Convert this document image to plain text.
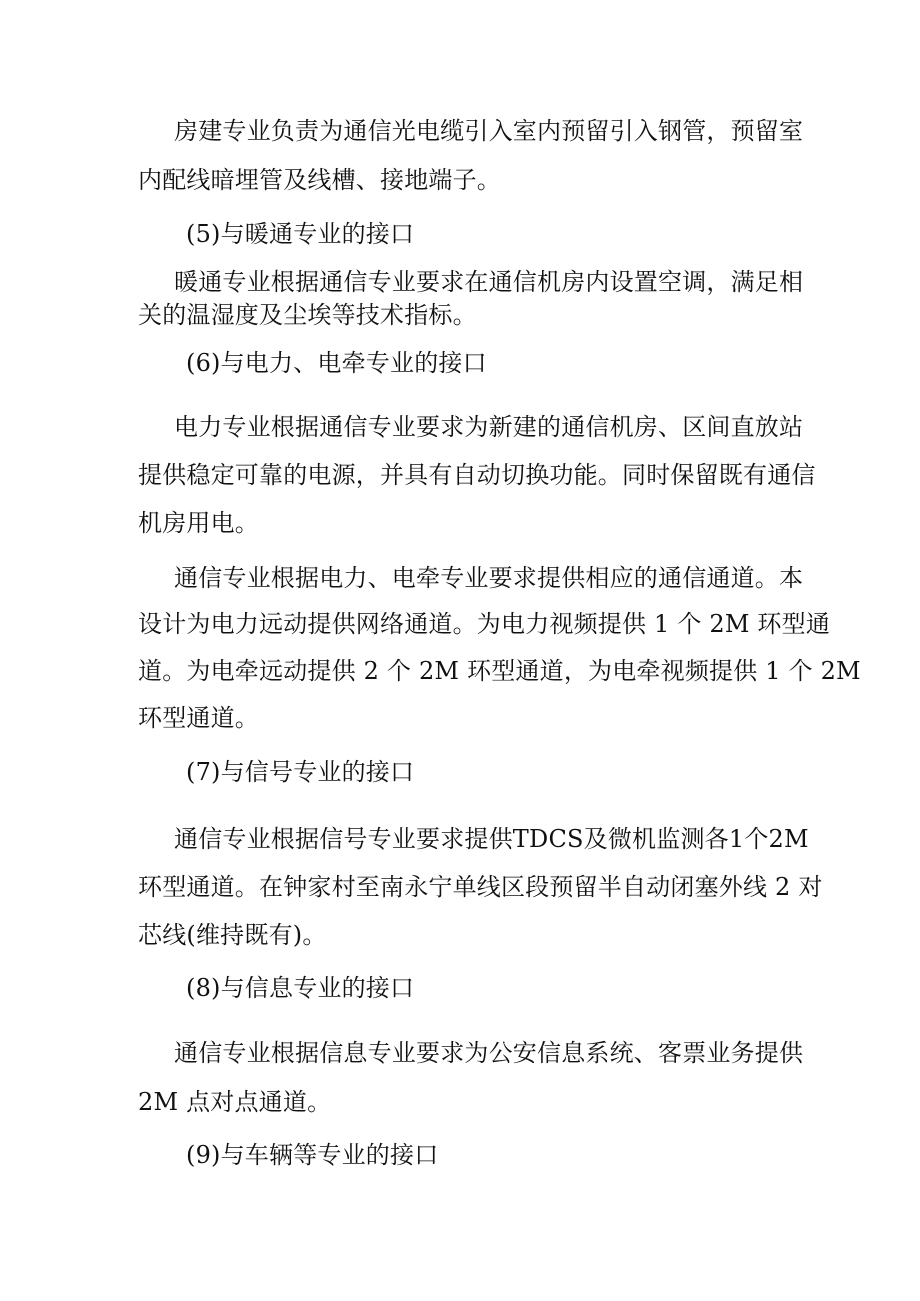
房建专业负责为通信光电缆引入室内预留引入钢管，预留室

内配线暗埋管及线槽、接地端子。

(5)与暖通专业的接口

暖通专业根据通信专业要求在通信机房内设置空调，满足相

关的温湿度及尘埃等技术指标。

(6)与电力、电牵专业的接口

电力专业根据通信专业要求为新建的通信机房、区间直放站

提供稳定可靠的电源，并具有自动切换功能。同时保留既有通信

机房用电。

通信专业根据电力、电牵专业要求提供相应的通信通道。本

设计为电力远动提供网络通道。为电力视频提供 1 个 2M 环型通

道。为电牵远动提供 2 个 2M 环型通道，为电牵视频提供 1 个 2M

环型通道。

(7)与信号专业的接口

通信专业根据信号专业要求提供TDCS及微机监测各1个2M

环型通道。在钟家村至南永宁单线区段预留半自动闭塞外线 2 对

芯线(维持既有)。

(8)与信息专业的接口

通信专业根据信息专业要求为公安信息系统、客票业务提供

2M 点对点通道。

(9)与车辆等专业的接口
